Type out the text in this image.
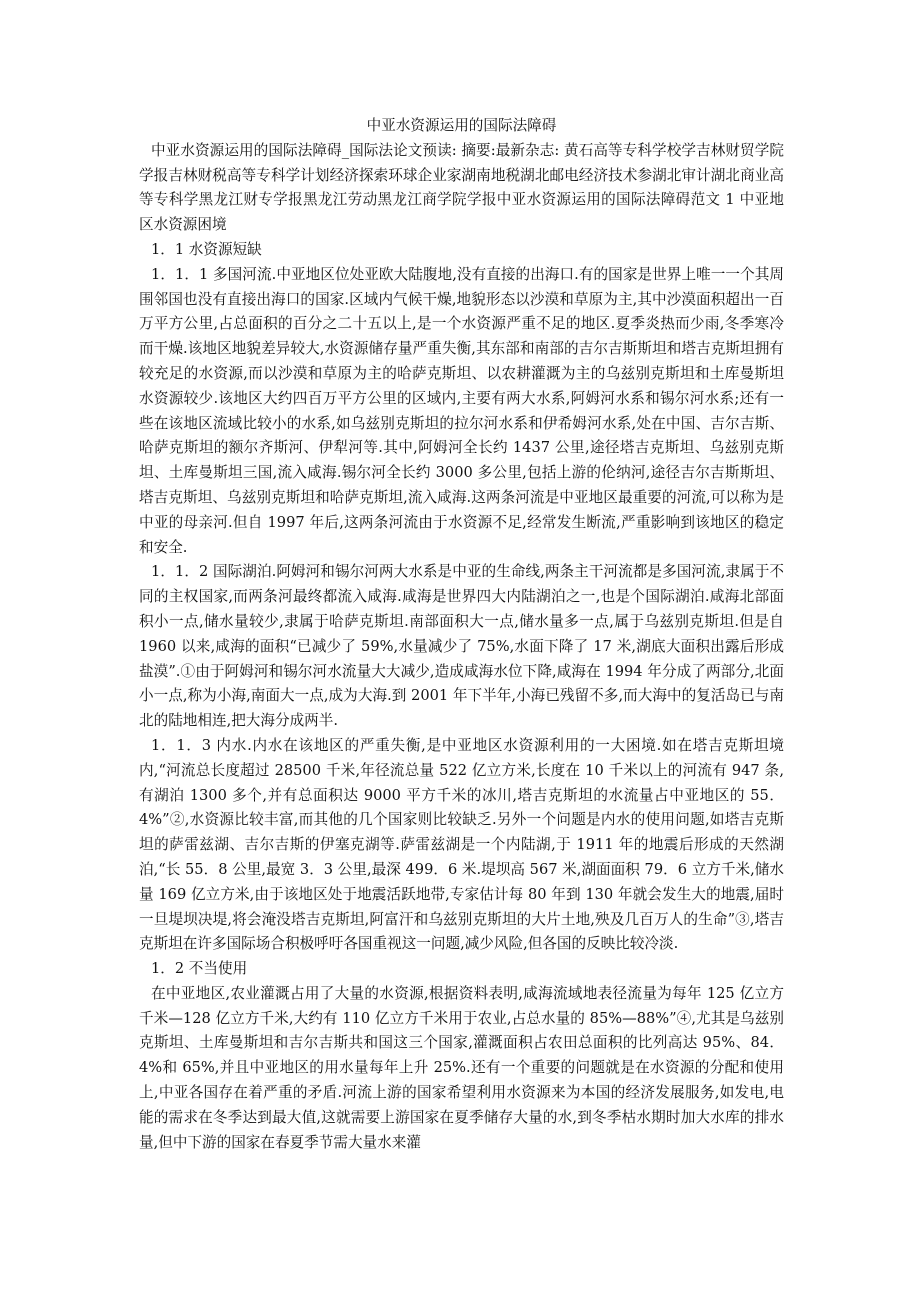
中亚水资源运用的国际法障碍

中亚水资源运用的国际法障碍_国际法论文预读: 摘要:最新杂志: 黄石高等专科学校学吉林财贸学院学报吉林财税高等专科学计划经济探索环球企业家湖南地税湖北邮电经济技术参湖北审计湖北商业高等专科学黑龙江财专学报黑龙江劳动黑龙江商学院学报中亚水资源运用的国际法障碍范文 1 中亚地区水资源困境

1．1 水资源短缺

1．1．1 多国河流.中亚地区位处亚欧大陆腹地,没有直接的出海口.有的国家是世界上唯一一个其周围邻国也没有直接出海口的国家.区域内气候干燥,地貌形态以沙漠和草原为主,其中沙漠面积超出一百万平方公里,占总面积的百分之二十五以上,是一个水资源严重不足的地区.夏季炎热而少雨,冬季寒冷而干燥.该地区地貌差异较大,水资源储存量严重失衡,其东部和南部的吉尔吉斯斯坦和塔吉克斯坦拥有较充足的水资源,而以沙漠和草原为主的哈萨克斯坦、以农耕灌溉为主的乌兹别克斯坦和土库曼斯坦水资源较少.该地区大约四百万平方公里的区域内,主要有两大水系,阿姆河水系和锡尔河水系;还有一些在该地区流域比较小的水系,如乌兹别克斯坦的拉尔河水系和伊希姆河水系,处在中国、吉尔吉斯、哈萨克斯坦的额尔齐斯河、伊犁河等.其中,阿姆河全长约 1437 公里,途径塔吉克斯坦、乌兹别克斯坦、土库曼斯坦三国,流入咸海.锡尔河全长约 3000 多公里,包括上游的伦纳河,途径吉尔吉斯斯坦、塔吉克斯坦、乌兹别克斯坦和哈萨克斯坦,流入咸海.这两条河流是中亚地区最重要的河流,可以称为是中亚的母亲河.但自 1997 年后,这两条河流由于水资源不足,经常发生断流,严重影响到该地区的稳定和安全.

1．1．2 国际湖泊.阿姆河和锡尔河两大水系是中亚的生命线,两条主干河流都是多国河流,隶属于不同的主权国家,而两条河最终都流入咸海.咸海是世界四大内陆湖泊之一,也是个国际湖泊.咸海北部面积小一点,储水量较少,隶属于哈萨克斯坦.南部面积大一点,储水量多一点,属于乌兹别克斯坦.但是自 1960 以来,咸海的面积“已减少了 59%,水量减少了 75%,水面下降了 17 米,湖底大面积出露后形成盐漠”.①由于阿姆河和锡尔河水流量大大减少,造成咸海水位下降,咸海在 1994 年分成了两部分,北面小一点,称为小海,南面大一点,成为大海.到 2001 年下半年,小海已残留不多,而大海中的复活岛已与南北的陆地相连,把大海分成两半.

1．1．3 内水.内水在该地区的严重失衡,是中亚地区水资源利用的一大困境.如在塔吉克斯坦境内,“河流总长度超过 28500 千米,年径流总量 522 亿立方米,长度在 10 千米以上的河流有 947 条,有湖泊 1300 多个,并有总面积达 9000 平方千米的冰川,塔吉克斯坦的水流量占中亚地区的 55．4%”②,水资源比较丰富,而其他的几个国家则比较缺乏.另外一个问题是内水的使用问题,如塔吉克斯坦的萨雷兹湖、吉尔吉斯的伊塞克湖等.萨雷兹湖是一个内陆湖,于 1911 年的地震后形成的天然湖泊,“长 55．8 公里,最宽 3．3 公里,最深 499．6 米.堤坝高 567 米,湖面面积 79．6 立方千米,储水量 169 亿立方米,由于该地区处于地震活跃地带,专家估计每 80 年到 130 年就会发生大的地震,届时一旦堤坝决堤,将会淹没塔吉克斯坦,阿富汗和乌兹别克斯坦的大片土地,殃及几百万人的生命”③,塔吉克斯坦在许多国际场合积极呼吁各国重视这一问题,减少风险,但各国的反映比较冷淡.

1．2 不当使用

在中亚地区,农业灌溉占用了大量的水资源,根据资料表明,咸海流域地表径流量为每年 125 亿立方千米—128 亿立方千米,大约有 110 亿立方千米用于农业,占总水量的 85%—88%”④,尤其是乌兹别克斯坦、土库曼斯坦和吉尔吉斯共和国这三个国家,灌溉面积占农田总面积的比列高达 95%、84．4%和 65%,并且中亚地区的用水量每年上升 25%.还有一个重要的问题就是在水资源的分配和使用上,中亚各国存在着严重的矛盾.河流上游的国家希望利用水资源来为本国的经济发展服务,如发电,电能的需求在冬季达到最大值,这就需要上游国家在夏季储存大量的水,到冬季枯水期时加大水库的排水量,但中下游的国家在春夏季节需大量水来灌
